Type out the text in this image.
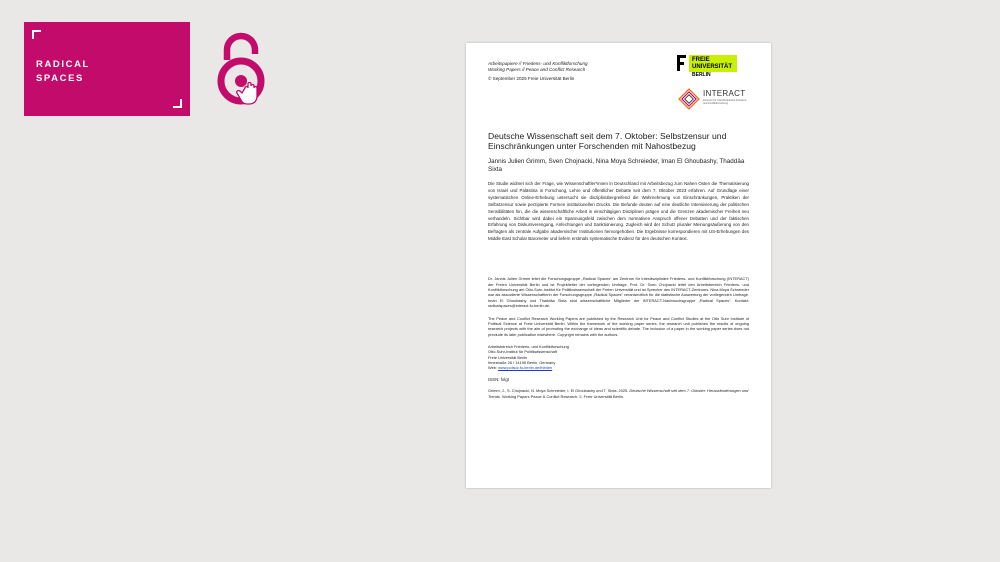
RADICAL
SPACES
Arbeitspapiere // Friedens- und Konfliktforschung
Working Papers // Peace and Conflict Research
© September 2025 Freie Universität Berlin
FREIE
UNIVERSITÄT
BERLIN
INTERACT
Zentrum für Interdisziplinäre Friedens- und Konfliktforschung
Deutsche Wissenschaft seit dem 7. Oktober: Selbstzensur und Einschränkungen unter Forschenden mit Nahostbezug
Jannis Julien Grimm, Sven Chojnacki, Nina Moya Schreieder, Iman El Ghoubashy, Thaddäa Sixta
Die Studie widmet sich der Frage, wie Wissenschaftler*innen in Deutschland mit Arbeitsbezug zum Nahen Osten die Thematisierung von Israel und Palästina in Forschung, Lehre und öffentlicher Debatte seit dem 7. Oktober 2023 erfahren. Auf Grundlage einer systematischen Online-Erhebung untersucht sie disziplinübergreifend die Wahrnehmung von Einschränkungen, Praktiken der Selbstzensur sowie perzipierte Formen institutionellen Drucks. Die Befunde deuten auf eine deutliche Intensivierung der politischen Sensibilitäten hin, die die wissenschaftliche Arbeit in einschlägigen Disziplinen prägen und die Grenzen akademischer Freiheit neu verhandeln. Sichtbar wird dabei ein Spannungsfeld zwischen dem normativen Anspruch offener Debatten und der faktischen Erfahrung von Diskursverengung, Anfechtungen und Sanktionierung. Zugleich wird der Schutz pluraler Meinungsäußerung von den Befragten als zentrale Aufgabe akademischer Institutionen hervorgehoben. Die Ergebnisse korrespondieren mit US-Erhebungen des Middle East Scholar Barometer und liefern erstmals systematische Evidenz für den deutschen Kontext.
Dr. Jannis Julien Grimm leitet die Forschungsgruppe „Radical Spaces“ am Zentrum für Interdisziplinäre Friedens- und Konfliktforschung (INTERACT) der Freien Universität Berlin und ist Projektleiter der vorliegenden Umfrage. Prof. Dr. Sven Chojnacki leitet den Arbeitsbereich Friedens- und Konfliktforschung am Otto-Suhr-Institut für Politikwissenschaft der Freien Universität und ist Sprecher des INTERACT-Zentrums. Nina Moya Schreieder war als assoziierte Wissenschaftlerin der Forschungsgruppe „Radical Spaces“ verantwortlich für die statistische Auswertung der vorliegenden Umfrage. Iman El Ghoubashy und Thaddäa Sixta sind wissenschaftliche Mitglieder der INTERACT-Nachwuchsgruppe „Radical Spaces“. Kontakt: radicalspaces@interact.fu-berlin.de.
The Peace and Conflict Research Working Papers are published by the Research Unit for Peace and Conflict Studies at the Otto Suhr Institute of Political Science at Freie Universität Berlin. Within the framework of the working paper series, the research unit publishes the results of ongoing research projects with the aim of promoting the exchange of ideas and scientific debate. The inclusion of a paper in the working paper series does not preclude its later publication elsewhere. Copyright remains with the authors.
Arbeitsbereich Friedens- und Konfliktforschung
Otto-Suhr-Institut für Politikwissenschaft
Freie Universität Berlin
Ihnestraße 26 / 14195 Berlin, Germany
Web: www.polsoz.fu-berlin.de/frieden
ISSN: folgt
Grimm, J., S. Chojnacki, N. Moya Schreieder, I. El Ghoubashy und T. Sixta. 2025. Deutsche Wissenschaft seit dem 7. Oktober: Herausforderungen und Trends. Working Papers Peace & Conflict Research, 2, Freie Universität Berlin.
